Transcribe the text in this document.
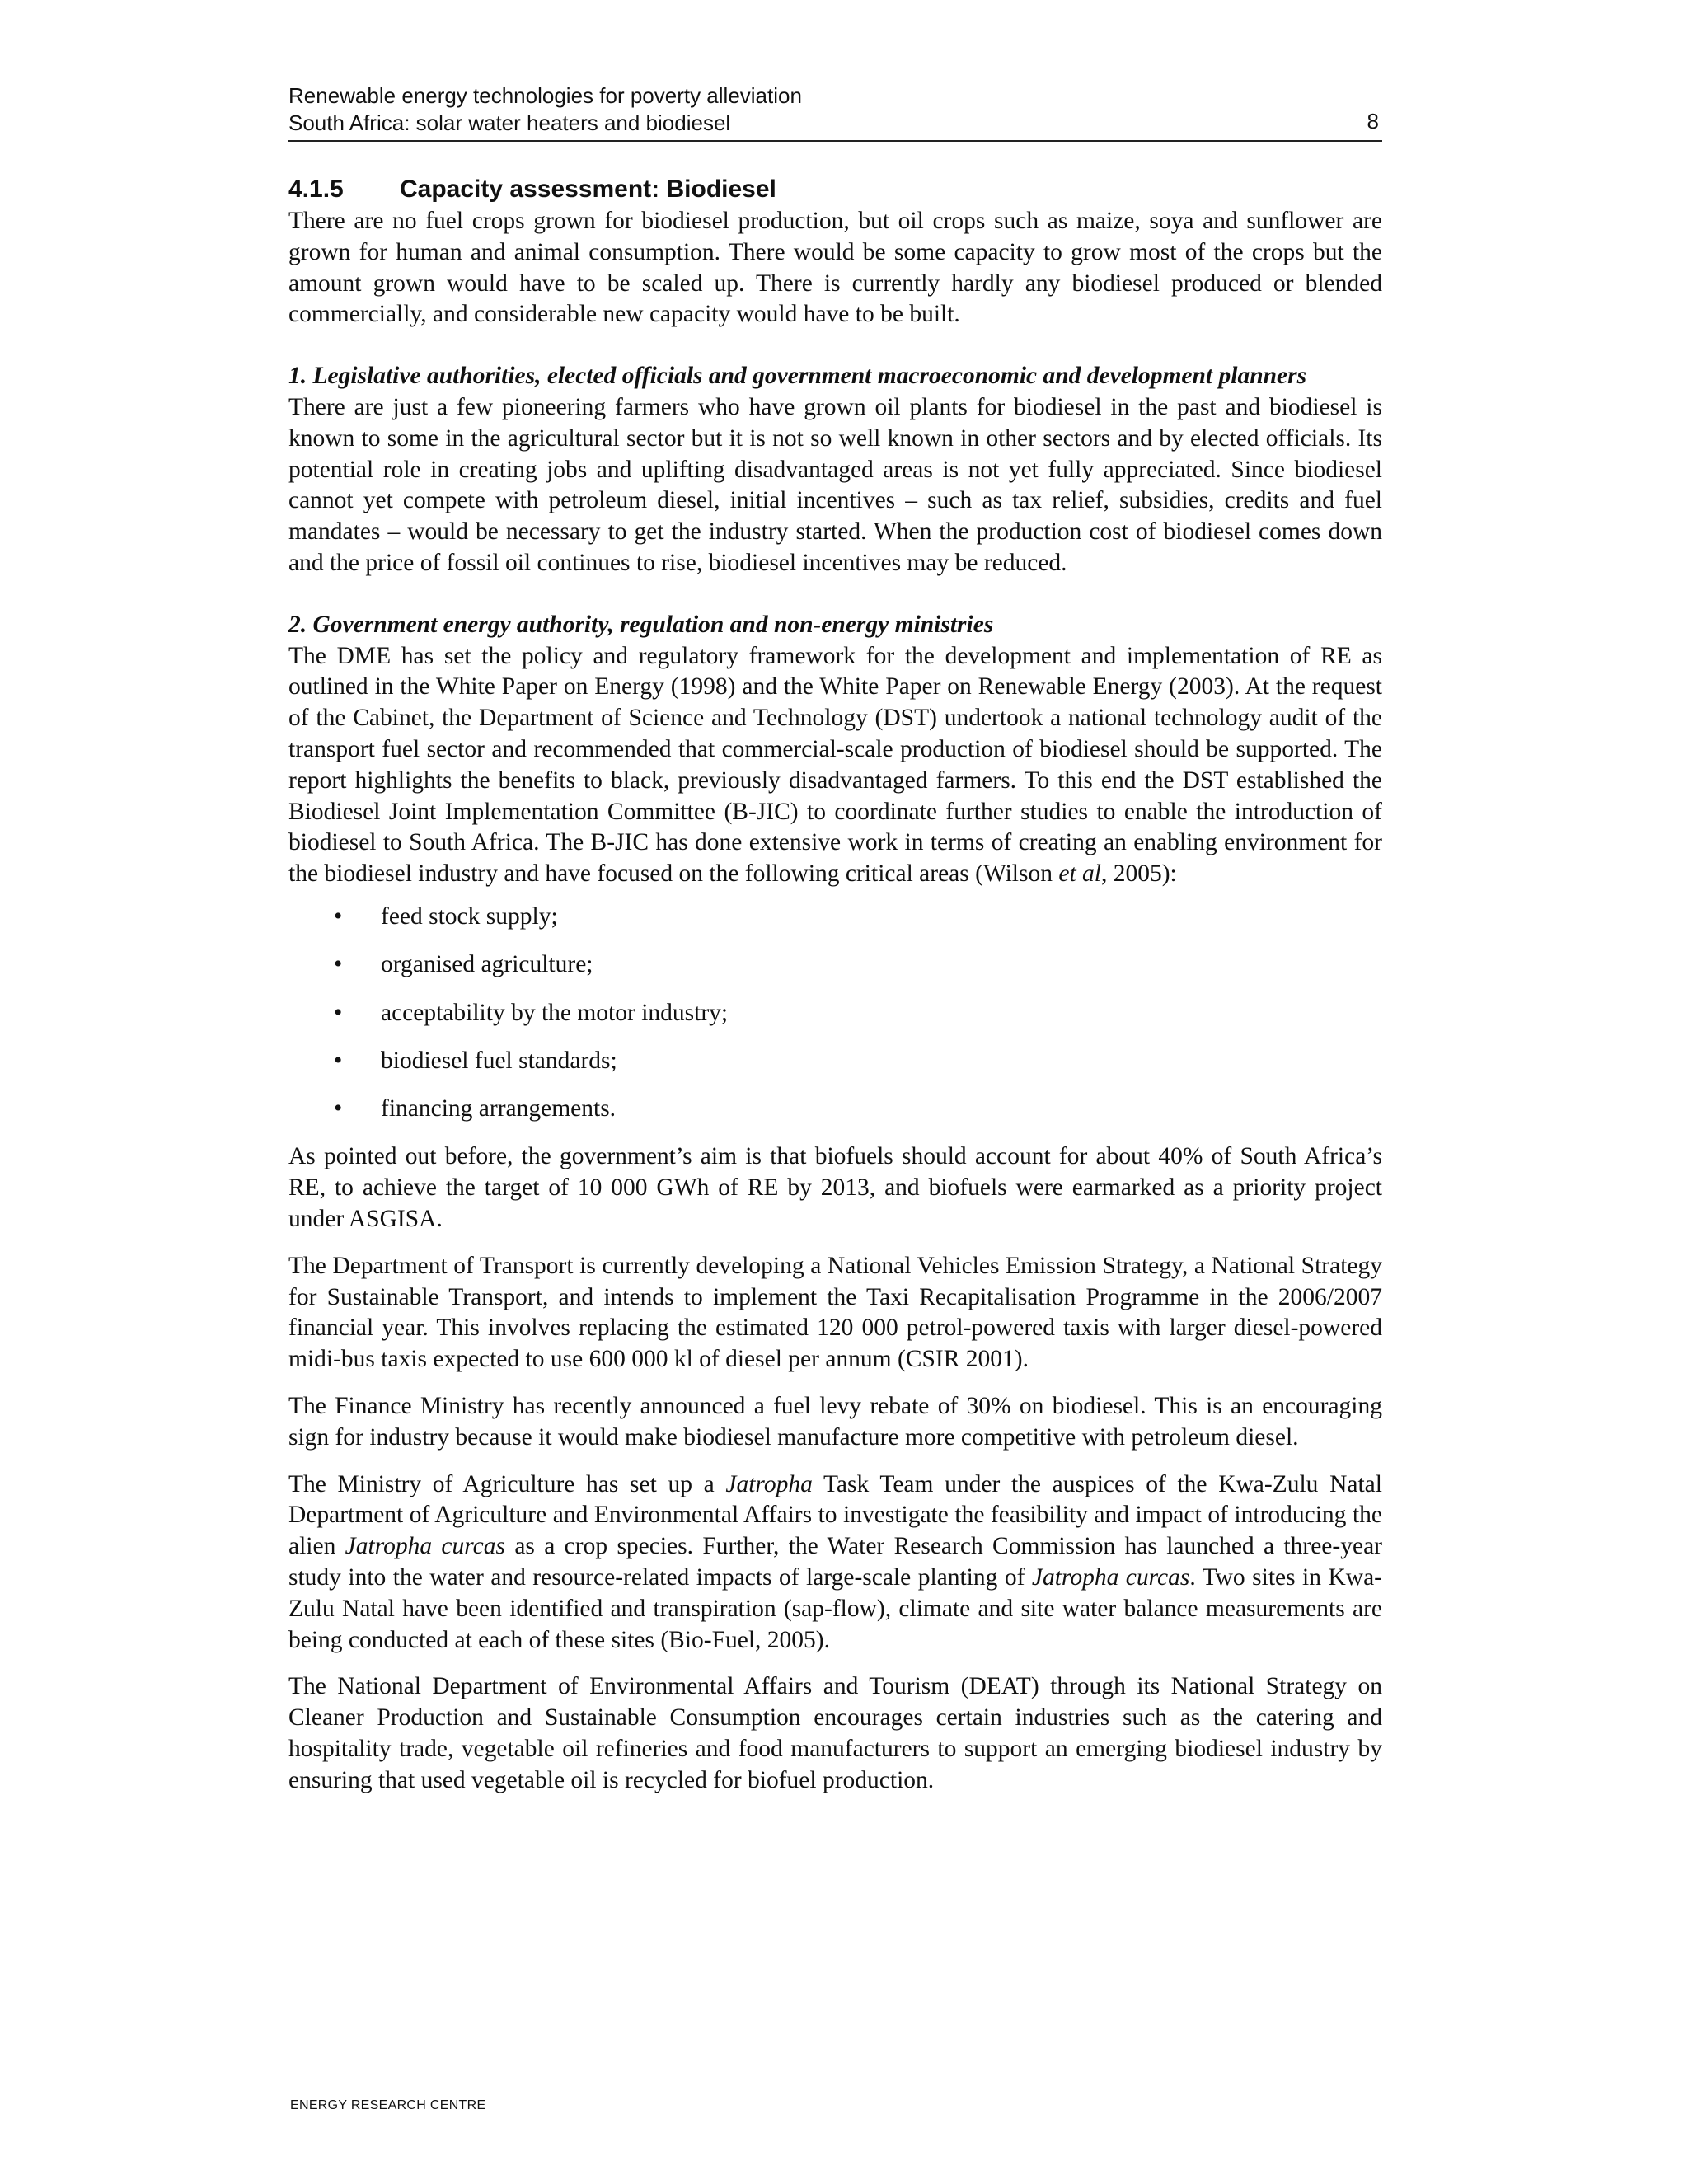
Renewable energy technologies for poverty alleviation
South Africa: solar water heaters and biodiesel	8
4.1.5 Capacity assessment: Biodiesel

There are no fuel crops grown for biodiesel production, but oil crops such as maize, soya and sunflower are grown for human and animal consumption. There would be some capacity to grow most of the crops but the amount grown would have to be scaled up. There is currently hardly any biodiesel produced or blended commercially, and considerable new capacity would have to be built.

1. Legislative authorities, elected officials and government macroeconomic and development planners

There are just a few pioneering farmers who have grown oil plants for biodiesel in the past and biodiesel is known to some in the agricultural sector but it is not so well known in other sectors and by elected officials. Its potential role in creating jobs and uplifting disadvantaged areas is not yet fully appreciated. Since biodiesel cannot yet compete with petroleum diesel, initial incentives – such as tax relief, subsidies, credits and fuel mandates – would be necessary to get the industry started. When the production cost of biodiesel comes down and the price of fossil oil continues to rise, biodiesel incentives may be reduced.

2. Government energy authority, regulation and non-energy ministries

The DME has set the policy and regulatory framework for the development and implementation of RE as outlined in the White Paper on Energy (1998) and the White Paper on Renewable Energy (2003). At the request of the Cabinet, the Department of Science and Technology (DST) undertook a national technology audit of the transport fuel sector and recommended that commercial-scale production of biodiesel should be supported. The report highlights the benefits to black, previously disadvantaged farmers. To this end the DST established the Biodiesel Joint Implementation Committee (B-JIC) to coordinate further studies to enable the introduction of biodiesel to South Africa. The B-JIC has done extensive work in terms of creating an enabling environment for the biodiesel industry and have focused on the following critical areas (Wilson et al, 2005):

• feed stock supply;
• organised agriculture;
• acceptability by the motor industry;
• biodiesel fuel standards;
• financing arrangements.

As pointed out before, the government’s aim is that biofuels should account for about 40% of South Africa’s RE, to achieve the target of 10 000 GWh of RE by 2013, and biofuels were earmarked as a priority project under ASGISA.

The Department of Transport is currently developing a National Vehicles Emission Strategy, a National Strategy for Sustainable Transport, and intends to implement the Taxi Recapitalisation Programme in the 2006/2007 financial year. This involves replacing the estimated 120 000 petrol-powered taxis with larger diesel-powered midi-bus taxis expected to use 600 000 kl of diesel per annum (CSIR 2001).

The Finance Ministry has recently announced a fuel levy rebate of 30% on biodiesel. This is an encouraging sign for industry because it would make biodiesel manufacture more competitive with petroleum diesel.

The Ministry of Agriculture has set up a Jatropha Task Team under the auspices of the Kwa-Zulu Natal Department of Agriculture and Environmental Affairs to investigate the feasibility and impact of introducing the alien Jatropha curcas as a crop species. Further, the Water Research Commission has launched a three-year study into the water and resource-related impacts of large-scale planting of Jatropha curcas. Two sites in Kwa-Zulu Natal have been identified and transpiration (sap-flow), climate and site water balance measurements are being conducted at each of these sites (Bio-Fuel, 2005).

The National Department of Environmental Affairs and Tourism (DEAT) through its National Strategy on Cleaner Production and Sustainable Consumption encourages certain industries such as the catering and hospitality trade, vegetable oil refineries and food manufacturers to support an emerging biodiesel industry by ensuring that used vegetable oil is recycled for biofuel production.

ENERGY RESEARCH CENTRE
